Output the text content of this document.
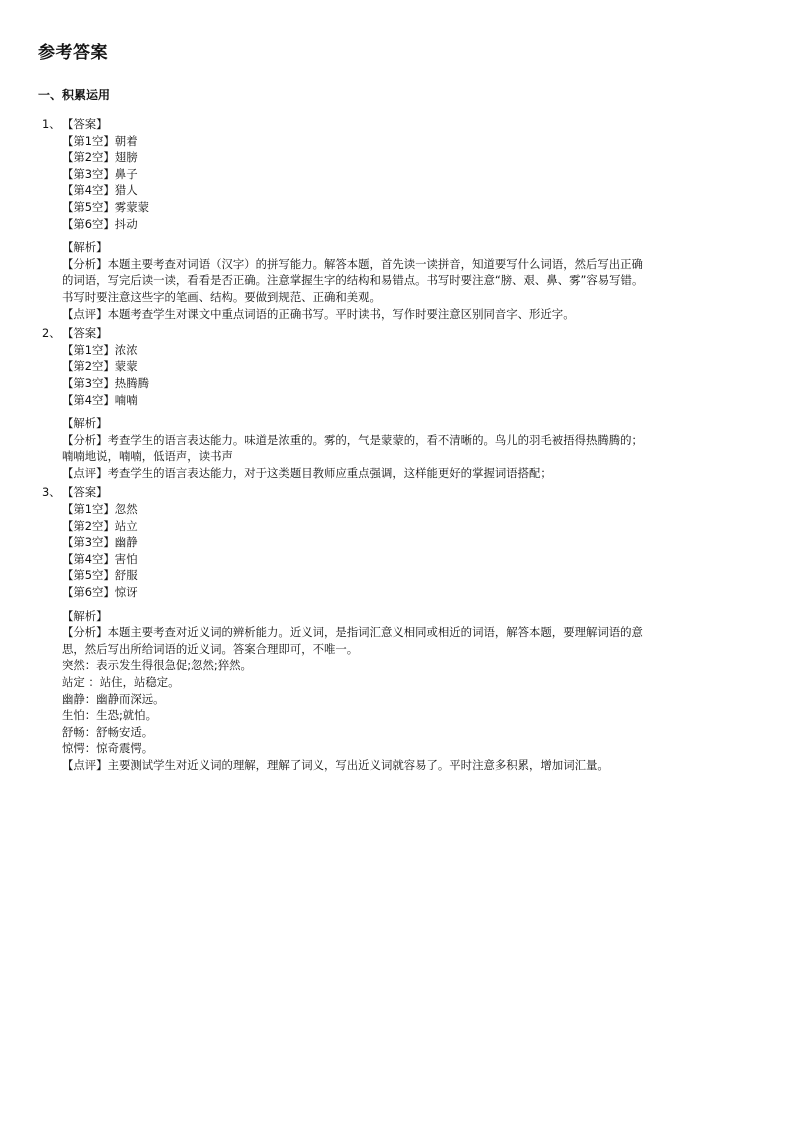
参考答案
一、积累运用
1、 【答案】
【第1空】朝着
【第2空】翅膀
【第3空】鼻子
【第4空】猎人
【第5空】雾蒙蒙
【第6空】抖动
【解析】
【分析】本题主要考查对词语（汉字）的拼写能力。解答本题，首先读一读拼音，知道要写什么词语，然后写出正确
的词语，写完后读一读，看看是否正确。注意掌握生字的结构和易错点。书写时要注意“膀、艰、鼻、雾”容易写错。
书写时要注意这些字的笔画、结构。要做到规范、正确和美观。
【点评】本题考查学生对课文中重点词语的正确书写。平时读书，写作时要注意区别同音字、形近字。
2、 【答案】
【第1空】浓浓
【第2空】蒙蒙
【第3空】热腾腾
【第4空】喃喃
【解析】
【分析】考查学生的语言表达能力。味道是浓重的。雾的，气是蒙蒙的，看不清晰的。鸟儿的羽毛被捂得热腾腾的；
喃喃地说，喃喃，低语声，读书声
【点评】考查学生的语言表达能力，对于这类题目教师应重点强调，这样能更好的掌握词语搭配；
3、 【答案】
【第1空】忽然
【第2空】站立
【第3空】幽静
【第4空】害怕
【第5空】舒服
【第6空】惊讶
【解析】
【分析】本题主要考查对近义词的辨析能力。近义词，是指词汇意义相同或相近的词语，解答本题，要理解词语的意
思，然后写出所给词语的近义词。答案合理即可，不唯一。
突然：表示发生得很急促;忽然;猝然。
站定 ：站住，站稳定。
幽静：幽静而深远。
生怕：生恐;就怕。
舒畅：舒畅安适。
惊愕：惊奇震愕。
【点评】主要测试学生对近义词的理解，理解了词义，写出近义词就容易了。平时注意多积累，增加词汇量。
